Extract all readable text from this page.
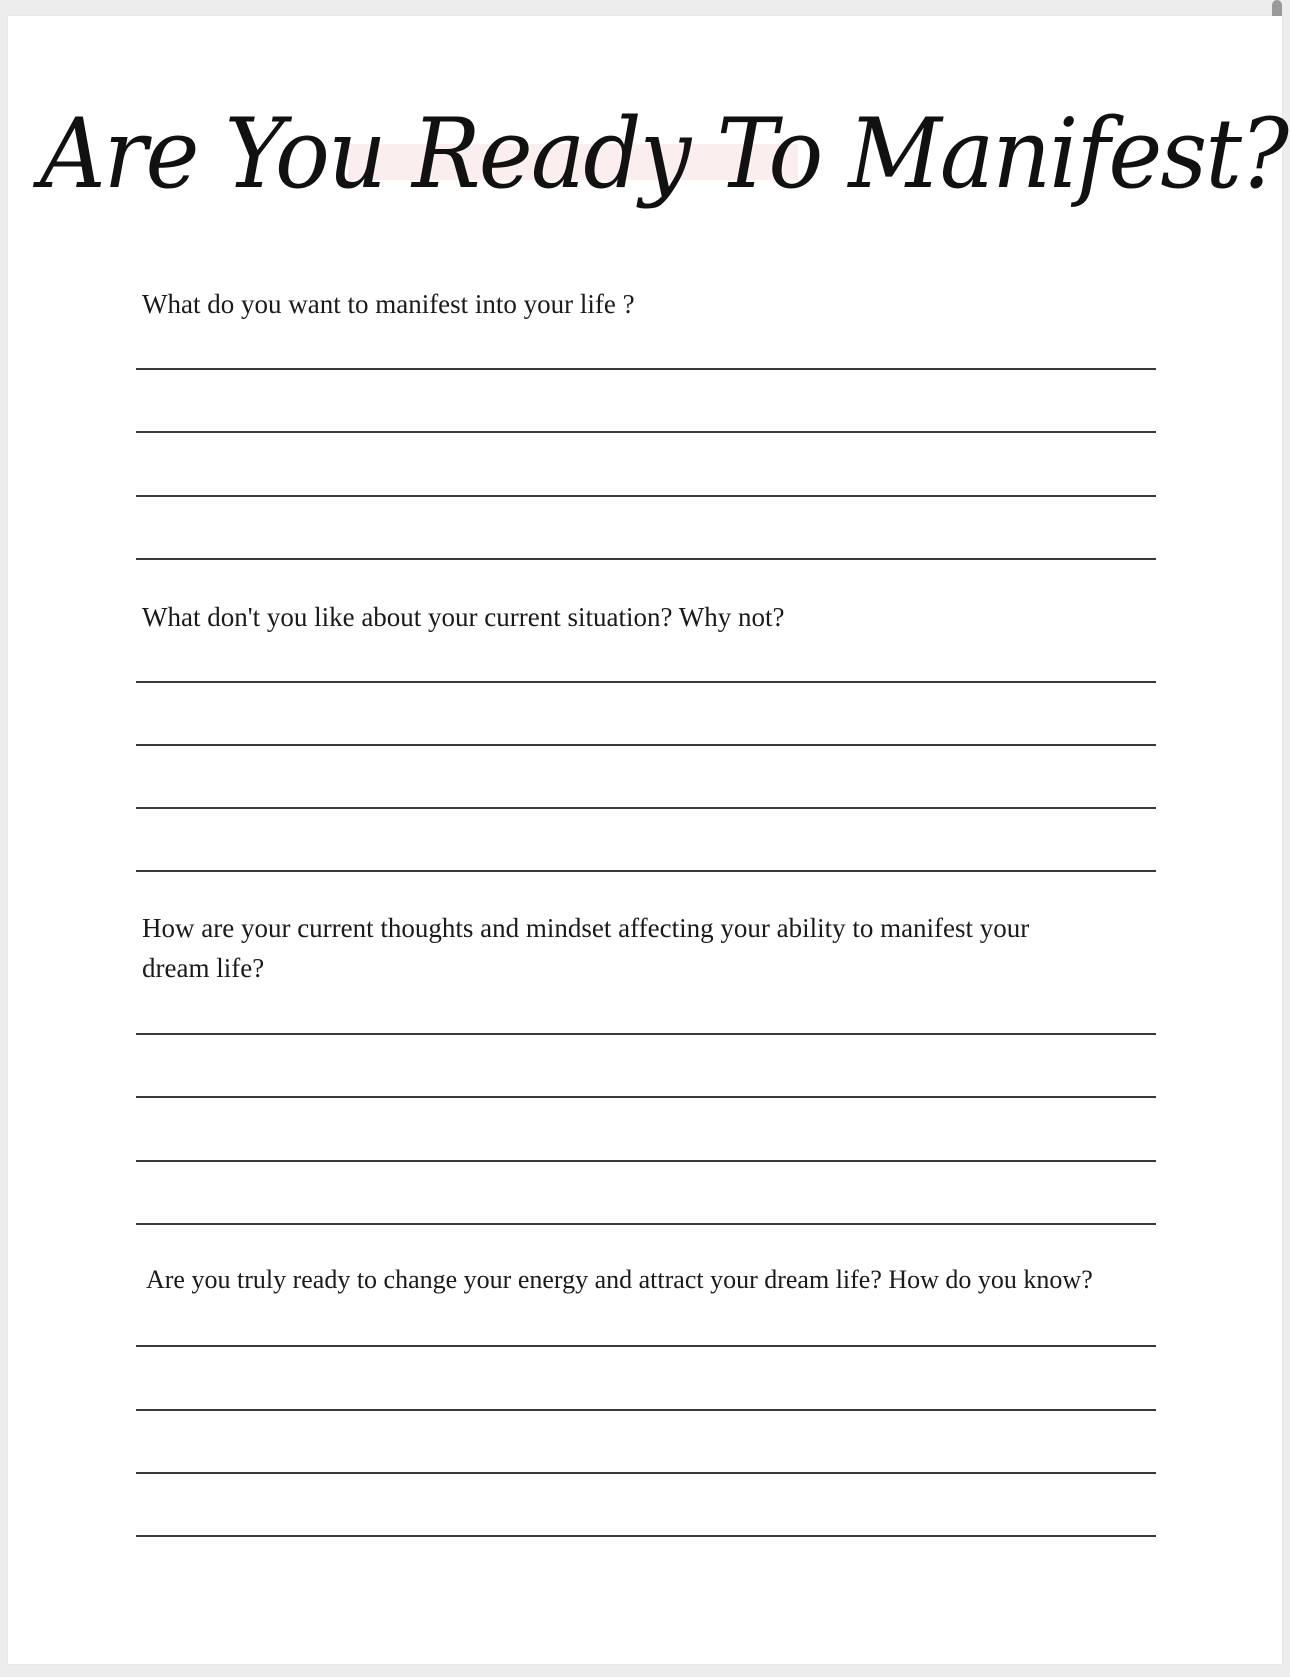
Are You Ready To Manifest?
What do you want to manifest into your life ?
What don't you like about your current situation? Why not?
How are your current thoughts and mindset affecting your ability to manifest your dream life?
Are you truly ready to change your energy and attract your dream life? How do you know?
